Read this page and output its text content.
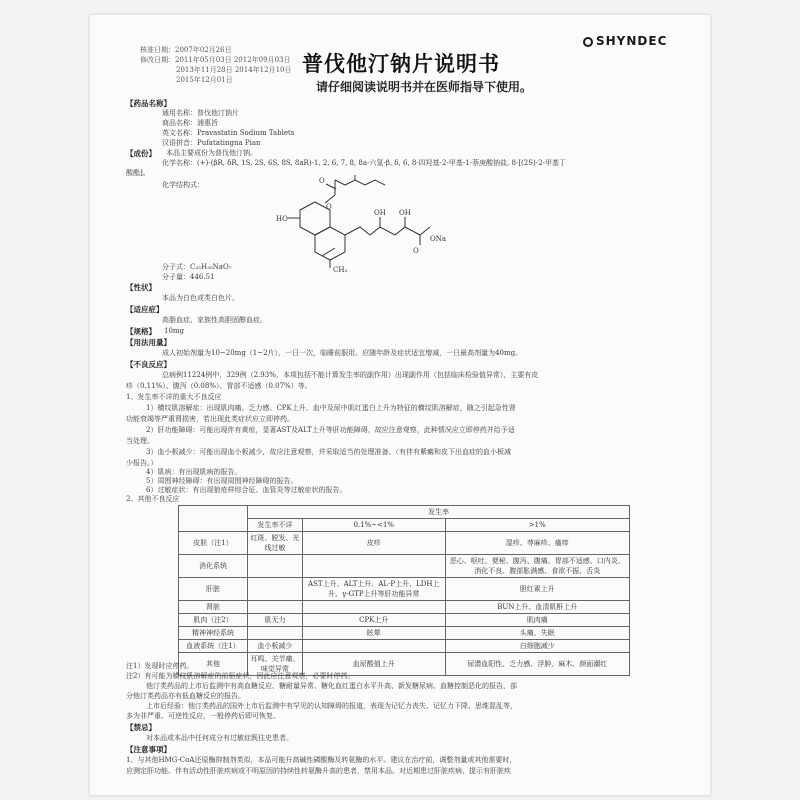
核准日期：2007年02月26日
修改日期：2011年05月03日 2012年09月03日
2013年11月28日 2014年12月10日
2015年12月01日
SHYNDEC
普伐他汀钠片说明书
请仔细阅读说明书并在医师指导下使用。
【药品名称】
通用名称：普伐他汀钠片
商品名称：浦惠旨
英文名称：Pravastatin Sodium Tablets
汉语拼音：Pufatatingna Pian
【成份】 本品主要成份为普伐他汀钠。
化学名称：(+)-(βR, δR, 1S, 2S, 6S, 8S, 8aR)-1, 2, 6, 7, 8, 8a-六氢-β, δ, 6, 8-四羟基-2-甲基-1-萘庚酸钠盐, 8-[(2S)-2-甲基丁
酸酯]。
化学结构式：	O
O
HO
CH₃
OH OH
O
ONa
分子式：C₂₃H₃₅NaO₇
分子量：446.51
【性状】
本品为白色或类白色片。
【适应症】
高脂血症、家族性高胆固醇血症。
【规格】 10mg
【用法用量】
成人初始剂量为10~20mg（1~2片），一日一次，临睡前服用。应随年龄及症状适宜增减，一日最高剂量为40mg。
【不良反应】
总病例11224例中，329例（2.93%，本项包括不能计算发生率的副作用）出现副作用（包括临床检验值异常），主要有皮
疹（0.11%）、腹泻（0.08%）、胃部不适感（0.07%）等。
1、发生率不详的重大不良反应
1）横纹肌溶解症：出现肌肉痛、乏力感、CPK上升、血中及尿中肌红蛋白上升为特征的横纹肌溶解症，随之引起急性肾
功能衰竭等严重肾损害，若出现此类症状应立即停药。
2）肝功能障碍：可能出现伴有黄疸，显著AST及ALT上升等肝功能障碍，故应注意观察，此种情况应立即停药并给予适
当处理。
3）血小板减少：可能出现血小板减少，故应注意观察，并采取适当的处理准备。（有伴有紫癜和皮下出血症的血小板减
少报告。）
	发生率		
	发生率不详	0.1%~<1%	>1%
皮肤（注1）	红斑、脱发、光线过敏	皮疹	湿疹、荨麻疹、瘙痒
消化系统			恶心、呕吐、便秘、腹泻、腹痛、胃部不适感、口内炎、消化不良、腹部胀满感、食欲不振、舌炎
肝脏		AST上升、ALT上升、AL-P上升、LDH上升、γ-GTP上升等肝功能异常	胆红素上升
肾脏			BUN上升、血清肌酐上升
肌肉（注2）	肌无力	CPK上升	肌肉痛
精神神经系统		眩晕	头痛、失眠
血液系统（注1）	血小板减少		白细胞减少
其他	耳鸣、关节痛、味觉异常	血尿酸值上升	尿潜血阳性、乏力感、浮肿、麻木、颜面潮红
注1）发现时应停药。
注2）有可能为横纹肌溶解症的前驱症状，因此应注意观察，必要时停药。
他汀类药品的上市后监测中有高血糖反应、糖耐量异常、糖化血红蛋白水平升高、新发糖尿病、血糖控制恶化的报告，部
分他汀类药品亦有低血糖反应的报告。
上市后经验：他汀类药品的国外上市后监测中有罕见的认知障碍的报道，表现为记忆力丧失、记忆力下降、思维混乱等，
多为非严重、可逆性反应，一般停药后即可恢复。
【禁忌】
对本品或本品中任何成分有过敏症既往史患者。
【注意事项】
1、与其他HMG-CoA还原酶抑制剂类似，本品可能升高碱性磷酸酶及转氨酶的水平。建议在治疗前，调整剂量或其他需要时，
应测定肝功能。伴有活动性肝脏疾病或不明原因的持续性转氨酶升高的患者，禁用本品。对近期患过肝脏疾病、提示有肝脏疾
4）肌病：有出现肌病的报告。
5）周围神经障碍：有出现周围神经障碍的报告。
6）过敏症状：有出现狼疮样综合征、血管炎等过敏症状的报告。
2、其他不良反应
